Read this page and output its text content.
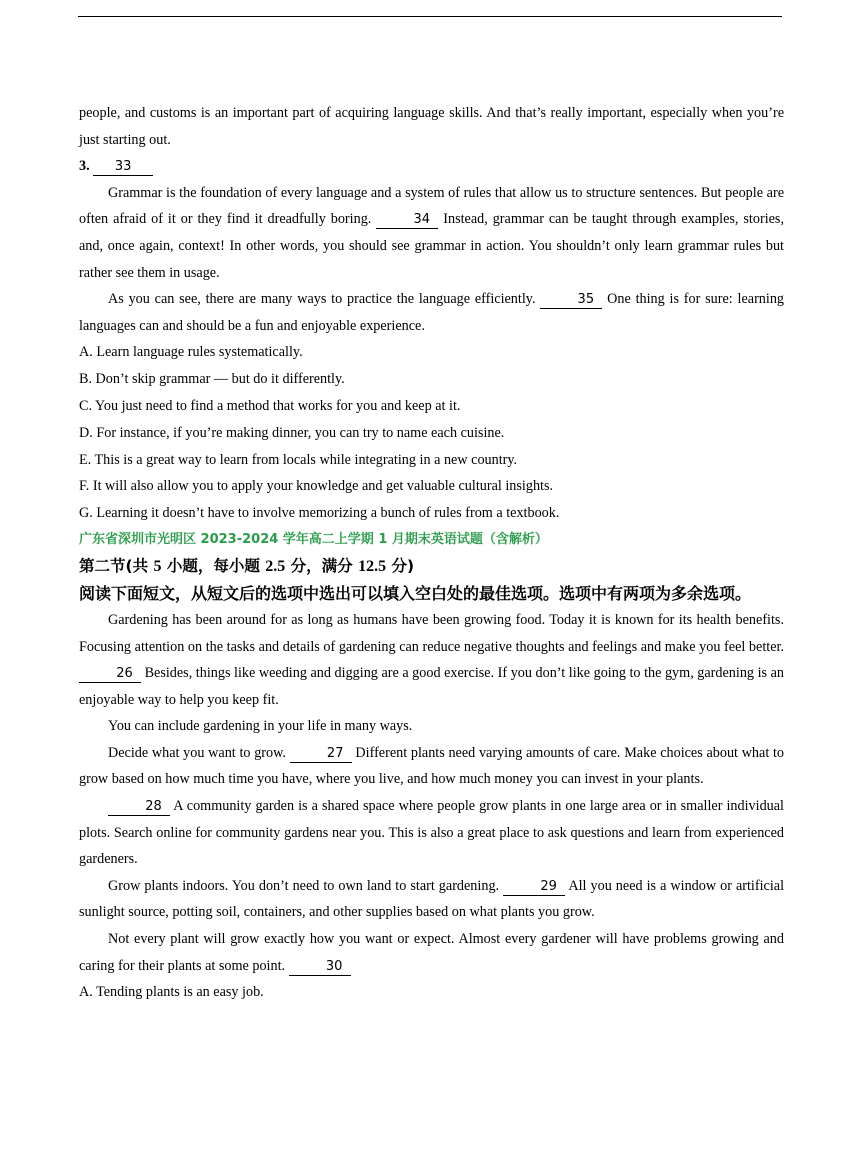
people, and customs is an important part of acquiring language skills. And that’s really important, especially when you’re just starting out.

3. 33

Grammar is the foundation of every language and a system of rules that allow us to structure sentences. But people are often afraid of it or they find it dreadfully boring.	34 Instead, grammar can be taught through examples, stories, and, once again, context! In other words, you should see grammar in action. You shouldn’t only learn grammar rules but rather see them in usage.

As you can see, there are many ways to practice the language efficiently.	35 One thing is for sure: learning languages can and should be a fun and enjoyable experience.

A. Learn language rules systematically.

B. Don’t skip grammar — but do it differently.

C. You just need to find a method that works for you and keep at it.

D. For instance, if you’re making dinner, you can try to name each cuisine.

E. This is a great way to learn from locals while integrating in a new country.

F. It will also allow you to apply your knowledge and get valuable cultural insights.

G. Learning it doesn’t have to involve memorizing a bunch of rules from a textbook.

广东省深圳市光明区 2023-2024 学年高二上学期 1 月期末英语试题（含解析）

第二节(共 5 小题，每小题 2.5 分，满分 12.5 分)

阅读下面短文，从短文后的选项中选出可以填入空白处的最佳选项。选项中有两项为多余选项。

Gardening has been around for as long as humans have been growing food. Today it is known for its health benefits. Focusing attention on the tasks and details of gardening can reduce negative thoughts and feelings and make you feel better. 26 Besides, things like weeding and digging are a good exercise. If you don’t like going to the gym, gardening is an enjoyable way to help you keep fit.

You can include gardening in your life in many ways.

Decide what you want to grow.	27 Different plants need varying amounts of care. Make choices about what to grow based on how much time you have, where you live, and how much money you can invest in your plants.

28 A community garden is a shared space where people grow plants in one large area or in smaller individual plots. Search online for community gardens near you. This is also a great place to ask questions and learn from experienced gardeners.

Grow plants indoors. You don’t need to own land to start gardening.	29 All you need is a window or artificial sunlight source, potting soil, containers, and other supplies based on what plants you grow.

Not every plant will grow exactly how you want or expect. Almost every gardener will have problems growing and caring for their plants at some point.	30

A. Tending plants is an easy job.
